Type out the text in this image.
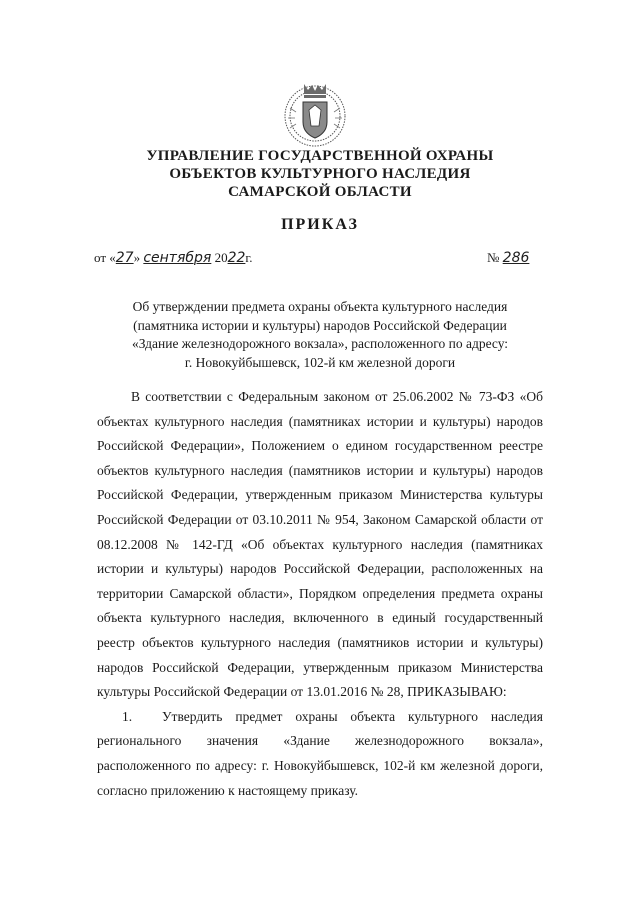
УПРАВЛЕНИЕ ГОСУДАРСТВЕННОЙ ОХРАНЫ
ОБЪЕКТОВ КУЛЬТУРНОГО НАСЛЕДИЯ
САМАРСКОЙ ОБЛАСТИ
ПРИКАЗ
от «27» сентября 2022г.	№ 286
Об утверждении предмета охраны объекта культурного наследия
(памятника истории и культуры) народов Российской Федерации
«Здание железнодорожного вокзала», расположенного по адресу:
г. Новокуйбышевск, 102-й км железной дороги

В соответствии с Федеральным законом от 25.06.2002 № 73-ФЗ «Об объектах культурного наследия (памятниках истории и культуры) народов Российской Федерации», Положением о едином государственном реестре объектов культурного наследия (памятников истории и культуры) народов Российской Федерации, утвержденным приказом Министерства культуры Российской Федерации от 03.10.2011 № 954, Законом Самарской области от 08.12.2008 № 142-ГД «Об объектах культурного наследия (памятниках истории и культуры) народов Российской Федерации, расположенных на территории Самарской области», Порядком определения предмета охраны объекта культурного наследия, включенного в единый государственный реестр объектов культурного наследия (памятников истории и культуры) народов Российской Федерации, утвержденным приказом Министерства культуры Российской Федерации от 13.01.2016 № 28, ПРИКАЗЫВАЮ:

1. Утвердить предмет охраны объекта культурного наследия регионального значения «Здание железнодорожного вокзала», расположенного по адресу: г. Новокуйбышевск, 102-й км железной дороги, согласно приложению к настоящему приказу.
